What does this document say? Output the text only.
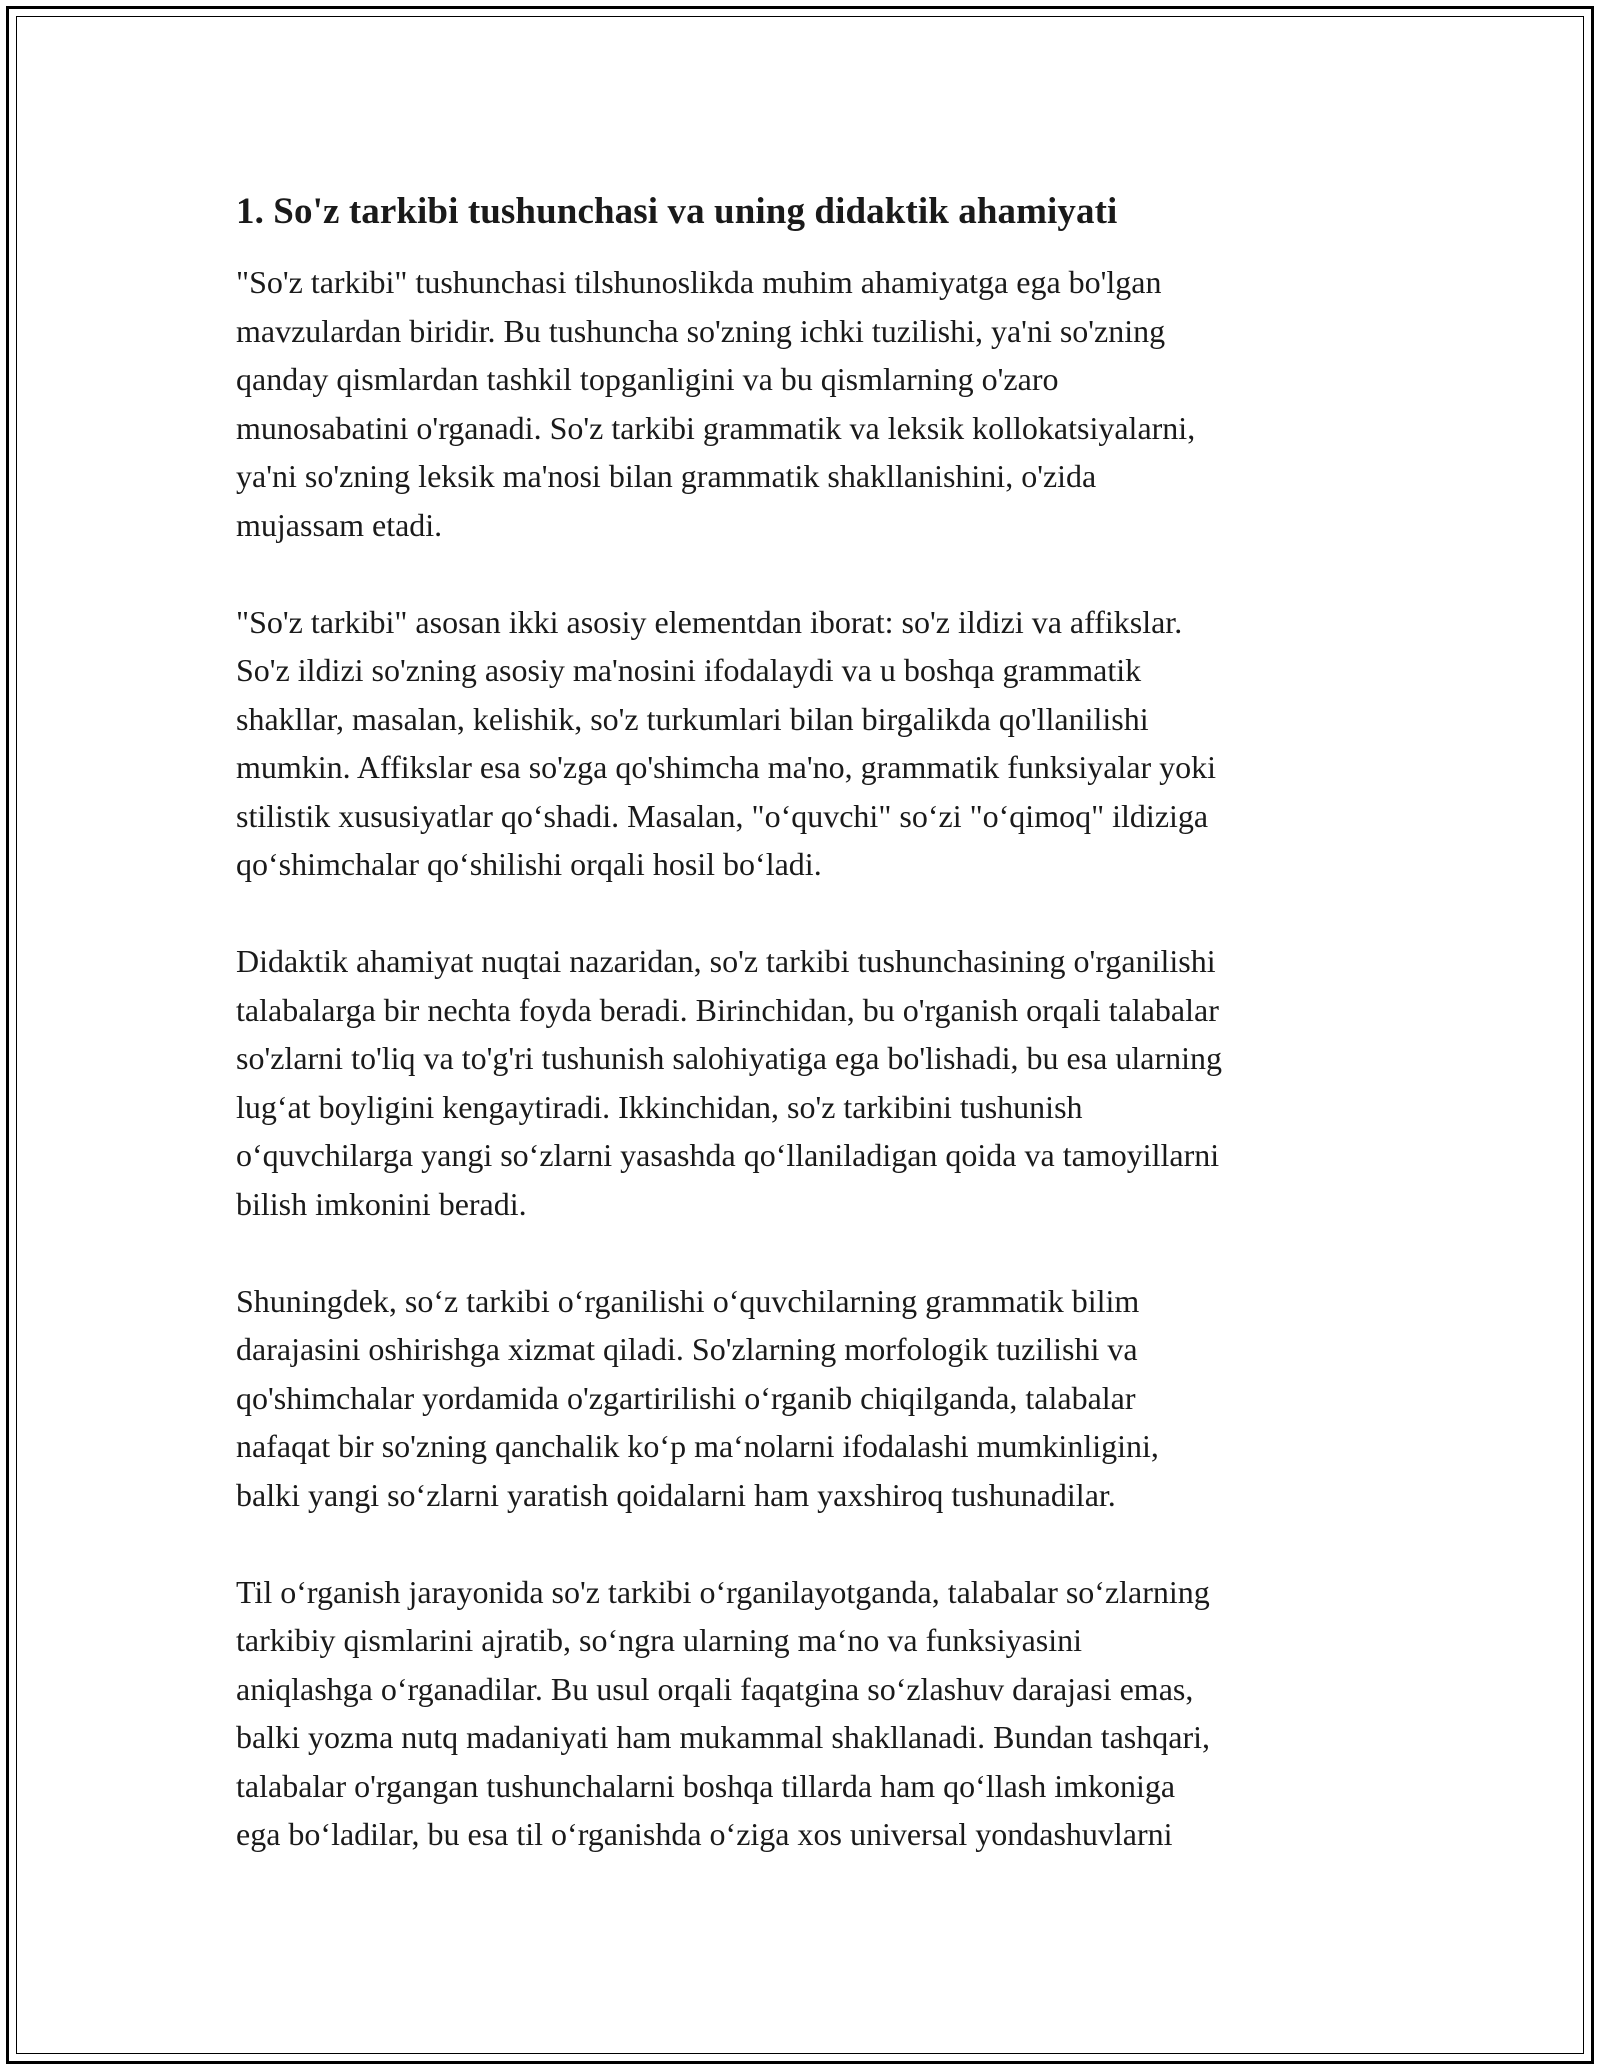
1. So'z tarkibi tushunchasi va uning didaktik ahamiyati

"So'z tarkibi" tushunchasi tilshunoslikda muhim ahamiyatga ega bo'lgan
mavzulardan biridir. Bu tushuncha so'zning ichki tuzilishi, ya'ni so'zning
qanday qismlardan tashkil topganligini va bu qismlarning o'zaro
munosabatini o'rganadi. So'z tarkibi grammatik va leksik kollokatsiyalarni,
ya'ni so'zning leksik ma'nosi bilan grammatik shakllanishini, o'zida
mujassam etadi.

"So'z tarkibi" asosan ikki asosiy elementdan iborat: so'z ildizi va affikslar.
So'z ildizi so'zning asosiy ma'nosini ifodalaydi va u boshqa grammatik
shakllar, masalan, kelishik, so'z turkumlari bilan birgalikda qo'llanilishi
mumkin. Affikslar esa so'zga qo'shimcha ma'no, grammatik funksiyalar yoki
stilistik xususiyatlar qo‘shadi. Masalan, "o‘quvchi" so‘zi "o‘qimoq" ildiziga
qo‘shimchalar qo‘shilishi orqali hosil bo‘ladi.

Didaktik ahamiyat nuqtai nazaridan, so'z tarkibi tushunchasining o'rganilishi
talabalarga bir nechta foyda beradi. Birinchidan, bu o'rganish orqali talabalar
so'zlarni to'liq va to'g'ri tushunish salohiyatiga ega bo'lishadi, bu esa ularning
lug‘at boyligini kengaytiradi. Ikkinchidan, so'z tarkibini tushunish
o‘quvchilarga yangi so‘zlarni yasashda qo‘llaniladigan qoida va tamoyillarni
bilish imkonini beradi.

Shuningdek, so‘z tarkibi o‘rganilishi o‘quvchilarning grammatik bilim
darajasini oshirishga xizmat qiladi. So'zlarning morfologik tuzilishi va
qo'shimchalar yordamida o'zgartirilishi o‘rganib chiqilganda, talabalar
nafaqat bir so'zning qanchalik ko‘p ma‘nolarni ifodalashi mumkinligini,
balki yangi so‘zlarni yaratish qoidalarni ham yaxshiroq tushunadilar.

Til o‘rganish jarayonida so'z tarkibi o‘rganilayotganda, talabalar so‘zlarning
tarkibiy qismlarini ajratib, so‘ngra ularning ma‘no va funksiyasini
aniqlashga o‘rganadilar. Bu usul orqali faqatgina so‘zlashuv darajasi emas,
balki yozma nutq madaniyati ham mukammal shakllanadi. Bundan tashqari,
talabalar o'rgangan tushunchalarni boshqa tillarda ham qo‘llash imkoniga
ega bo‘ladilar, bu esa til o‘rganishda o‘ziga xos universal yondashuvlarni
